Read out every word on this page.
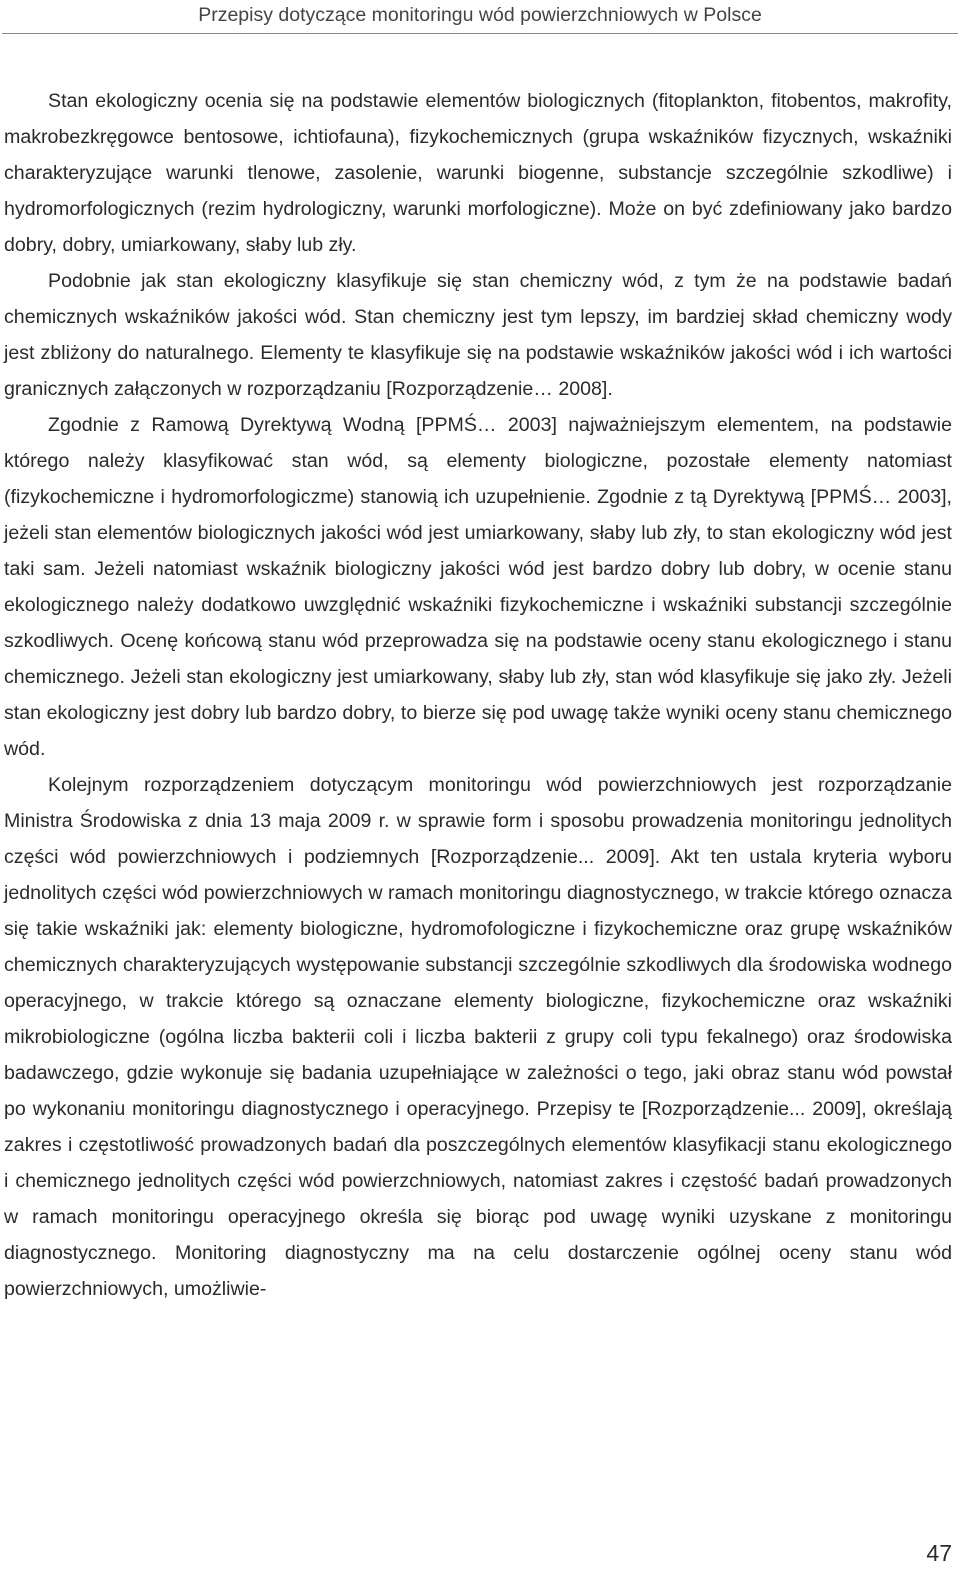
Przepisy dotyczące monitoringu wód powierzchniowych w Polsce

Stan ekologiczny ocenia się na podstawie elementów biologicznych (fitoplankton, fitobentos, makrofity, makrobezkręgowce bentosowe, ichtiofauna), fizykochemicznych (grupa wskaźników fizycznych, wskaźniki charakteryzujące warunki tlenowe, zasolenie, warunki biogenne, substancje szczególnie szkodliwe) i hydromorfologicznych (rezim hydrologiczny, warunki morfologiczne). Może on być zdefiniowany jako bardzo dobry, dobry, umiarkowany, słaby lub zły.

Podobnie jak stan ekologiczny klasyfikuje się stan chemiczny wód, z tym że na podstawie badań chemicznych wskaźników jakości wód. Stan chemiczny jest tym lepszy, im bardziej skład chemiczny wody jest zbliżony do naturalnego. Elementy te klasyfikuje się na podstawie wskaźników jakości wód i ich wartości granicznych załączonych w rozporządzaniu [Rozporządzenie… 2008].

Zgodnie z Ramową Dyrektywą Wodną [PPMŚ… 2003] najważniejszym elementem, na podstawie którego należy klasyfikować stan wód, są elementy biologiczne, pozostałe elementy natomiast (fizykochemiczne i hydromorfologiczme) stanowią ich uzupełnienie. Zgodnie z tą Dyrektywą [PPMŚ… 2003], jeżeli stan elementów biologicznych jakości wód jest umiarkowany, słaby lub zły, to stan ekologiczny wód jest taki sam. Jeżeli natomiast wskaźnik biologiczny jakości wód jest bardzo dobry lub dobry, w ocenie stanu ekologicznego należy dodatkowo uwzględnić wskaźniki fizykochemiczne i wskaźniki substancji szczególnie szkodliwych. Ocenę końcową stanu wód przeprowadza się na podstawie oceny stanu ekologicznego i stanu chemicznego. Jeżeli stan ekologiczny jest umiarkowany, słaby lub zły, stan wód klasyfikuje się jako zły. Jeżeli stan ekologiczny jest dobry lub bardzo dobry, to bierze się pod uwagę także wyniki oceny stanu chemicznego wód.

Kolejnym rozporządzeniem dotyczącym monitoringu wód powierzchniowych jest rozporządzanie Ministra Środowiska z dnia 13 maja 2009 r. w sprawie form i sposobu prowadzenia monitoringu jednolitych części wód powierzchniowych i podziemnych [Rozporządzenie... 2009]. Akt ten ustala kryteria wyboru jednolitych części wód powierzchniowych w ramach monitoringu diagnostycznego, w trakcie którego oznacza się takie wskaźniki jak: elementy biologiczne, hydromofologiczne i fizykochemiczne oraz grupę wskaźników chemicznych charakteryzujących występowanie substancji szczególnie szkodliwych dla środowiska wodnego operacyjnego, w trakcie którego są oznaczane elementy biologiczne, fizykochemiczne oraz wskaźniki mikrobiologiczne (ogólna liczba bakterii coli i liczba bakterii z grupy coli typu fekalnego) oraz środowiska badawczego, gdzie wykonuje się badania uzupełniające w zależności o tego, jaki obraz stanu wód powstał po wykonaniu monitoringu diagnostycznego i operacyjnego. Przepisy te [Rozporządzenie... 2009], określają zakres i częstotliwość prowadzonych badań dla poszczególnych elementów klasyfikacji stanu ekologicznego i chemicznego jednolitych części wód powierzchniowych, natomiast zakres i częstość badań prowadzonych w ramach monitoringu operacyjnego określa się biorąc pod uwagę wyniki uzyskane z monitoringu diagnostycznego. Monitoring diagnostyczny ma na celu dostarczenie ogólnej oceny stanu wód powierzchniowych, umożliwie-

47
